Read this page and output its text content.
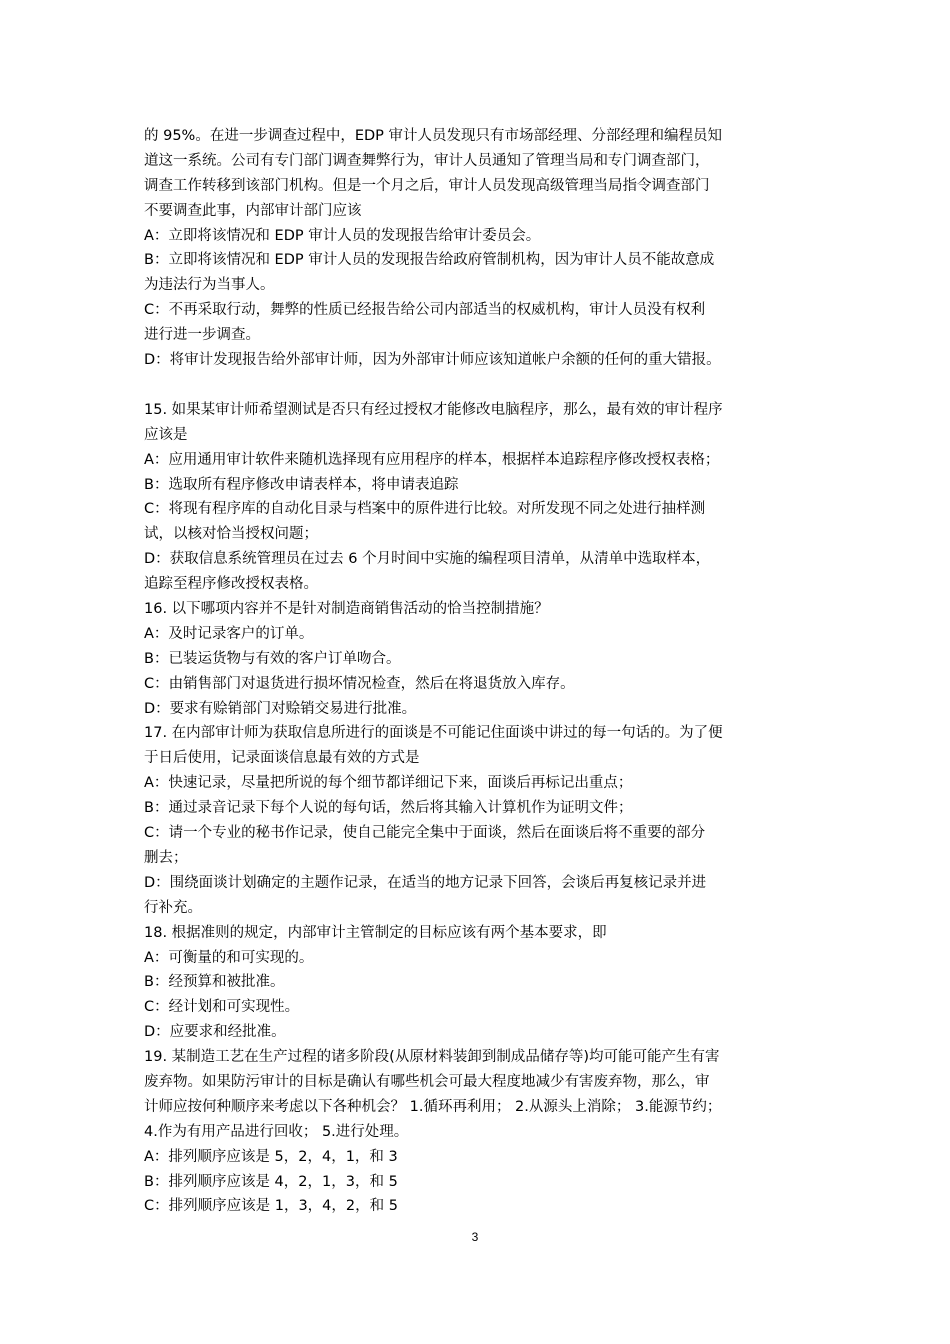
的 95%。在进一步调查过程中，EDP 审计人员发现只有市场部经理、分部经理和编程员知
道这一系统。公司有专门部门调查舞弊行为，审计人员通知了管理当局和专门调查部门，
调查工作转移到该部门机构。但是一个月之后，审计人员发现高级管理当局指令调查部门
不要调查此事，内部审计部门应该
A：立即将该情况和 EDP 审计人员的发现报告给审计委员会。
B：立即将该情况和 EDP 审计人员的发现报告给政府管制机构，因为审计人员不能故意成
为违法行为当事人。
C：不再采取行动，舞弊的性质已经报告给公司内部适当的权威机构，审计人员没有权利
进行进一步调查。
D：将审计发现报告给外部审计师，因为外部审计师应该知道帐户余额的任何的重大错报。
15. 如果某审计师希望测试是否只有经过授权才能修改电脑程序，那么，最有效的审计程序
应该是
A：应用通用审计软件来随机选择现有应用程序的样本，根据样本追踪程序修改授权表格；
B：选取所有程序修改申请表样本，将申请表追踪
C：将现有程序库的自动化目录与档案中的原件进行比较。对所发现不同之处进行抽样测
试，以核对恰当授权问题；
D：获取信息系统管理员在过去 6 个月时间中实施的编程项目清单，从清单中选取样本，
追踪至程序修改授权表格。
16. 以下哪项内容并不是针对制造商销售活动的恰当控制措施？
A：及时记录客户的订单。
B：已装运货物与有效的客户订单吻合。
C：由销售部门对退货进行损坏情况检查，然后在将退货放入库存。
D：要求有赊销部门对赊销交易进行批准。
17. 在内部审计师为获取信息所进行的面谈是不可能记住面谈中讲过的每一句话的。为了便
于日后使用，记录面谈信息最有效的方式是
A：快速记录，尽量把所说的每个细节都详细记下来，面谈后再标记出重点；
B：通过录音记录下每个人说的每句话，然后将其输入计算机作为证明文件；
C：请一个专业的秘书作记录，使自己能完全集中于面谈，然后在面谈后将不重要的部分
删去；
D：围绕面谈计划确定的主题作记录，在适当的地方记录下回答，会谈后再复核记录并进
行补充。
18. 根据准则的规定，内部审计主管制定的目标应该有两个基本要求，即
A：可衡量的和可实现的。
B：经预算和被批准。
C：经计划和可实现性。
D：应要求和经批准。
19. 某制造工艺在生产过程的诸多阶段(从原材料装卸到制成品储存等)均可能可能产生有害
废弃物。如果防污审计的目标是确认有哪些机会可最大程度地减少有害废弃物，那么，审
计师应按何种顺序来考虑以下各种机会？ 1.循环再利用； 2.从源头上消除； 3.能源节约；
4.作为有用产品进行回收； 5.进行处理。
A：排列顺序应该是 5，2，4，1，和 3
B：排列顺序应该是 4，2，1，3，和 5
C：排列顺序应该是 1，3，4，2，和 5
3
